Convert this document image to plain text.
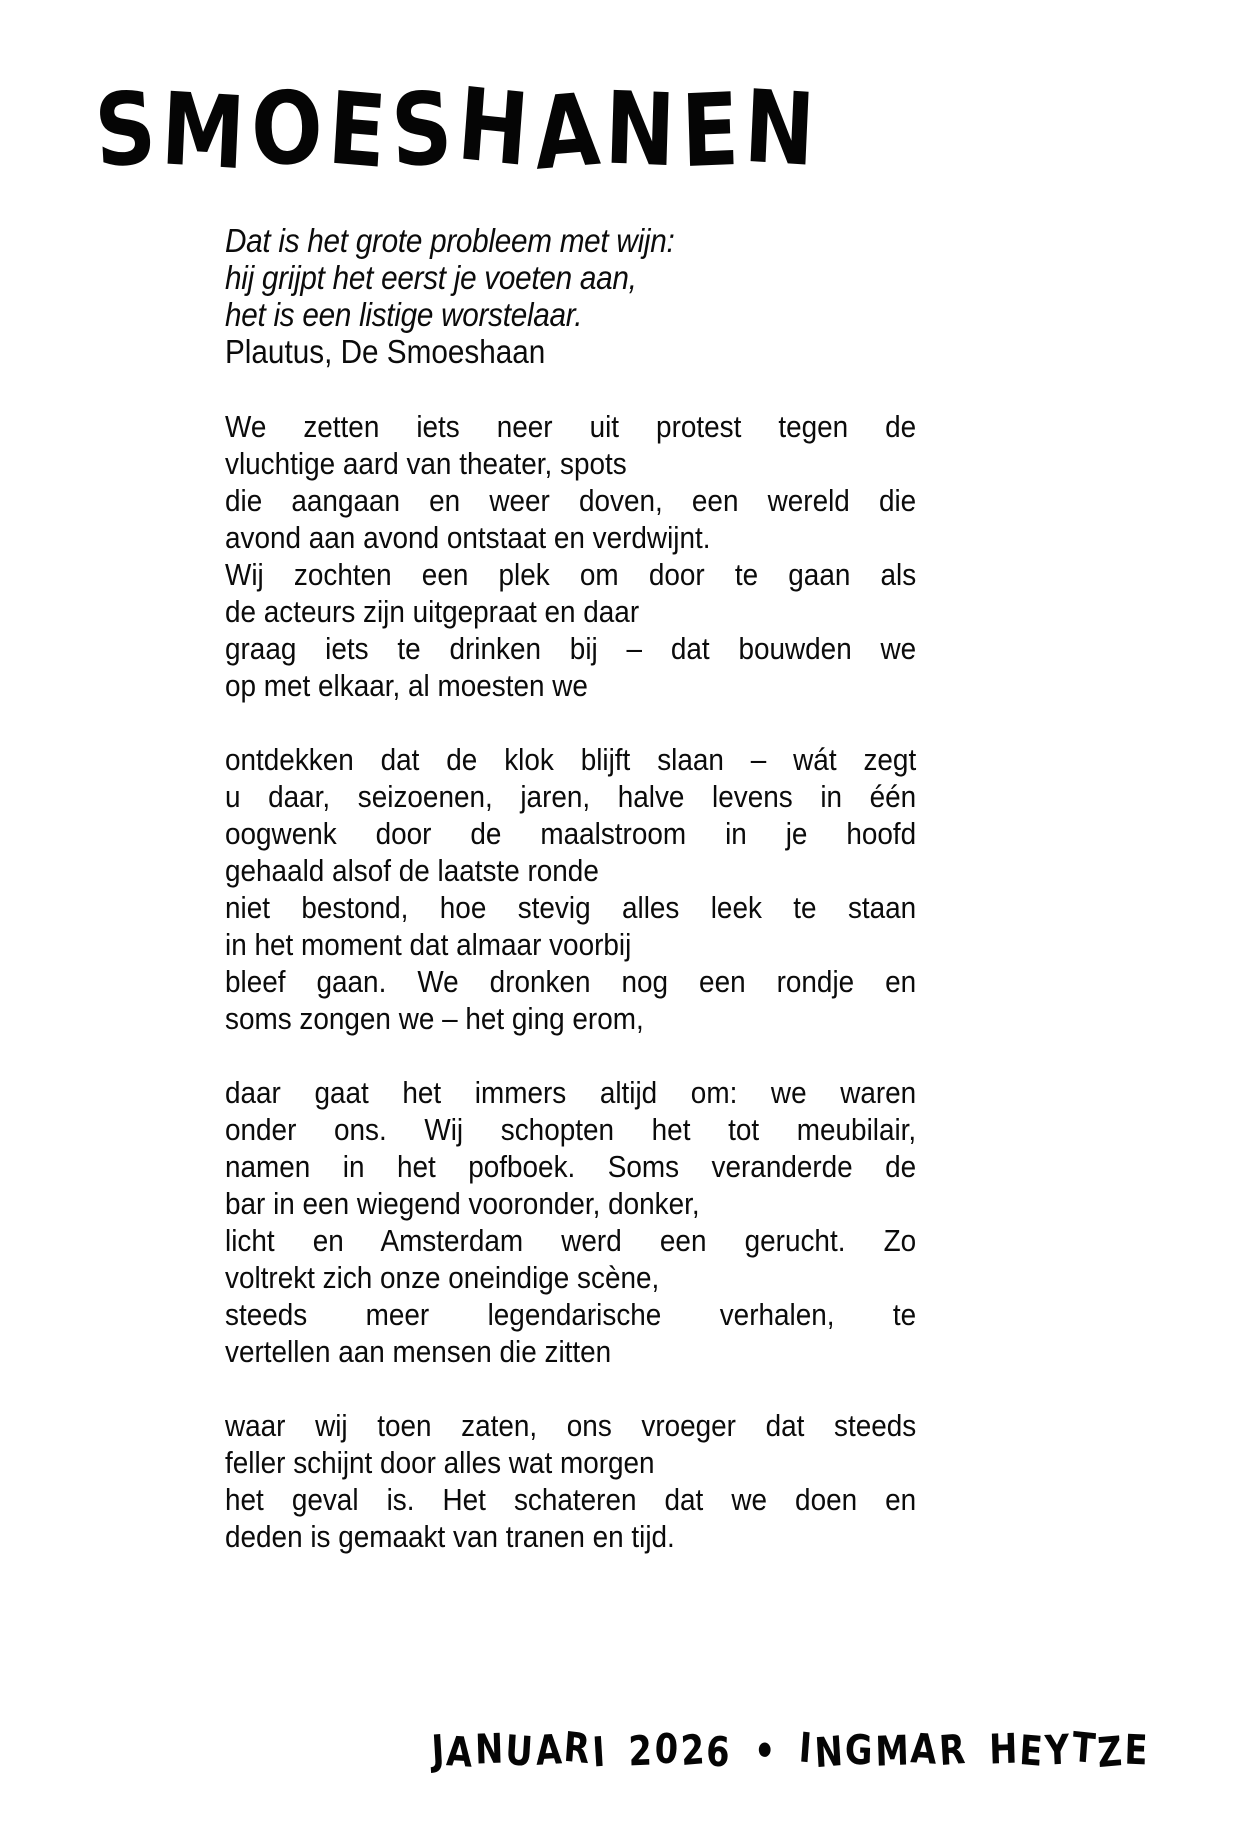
SMOESHANEN
Dat is het grote probleem met wijn:
hij grijpt het eerst je voeten aan,
het is een listige worstelaar.
Plautus, De Smoeshaan
We zetten iets neer uit protest tegen de
vluchtige aard van theater, spots
die aangaan en weer doven, een wereld die
avond aan avond ontstaat en verdwijnt.
Wij zochten een plek om door te gaan als
de acteurs zijn uitgepraat en daar
graag iets te drinken bij – dat bouwden we
op met elkaar, al moesten we
ontdekken dat de klok blijft slaan – wát zegt
u daar, seizoenen, jaren, halve levens in één
oogwenk door de maalstroom in je hoofd
gehaald alsof de laatste ronde
niet bestond, hoe stevig alles leek te staan
in het moment dat almaar voorbij
bleef gaan. We dronken nog een rondje en
soms zongen we – het ging erom,
daar gaat het immers altijd om: we waren
onder ons. Wij schopten het tot meubilair,
namen in het pofboek. Soms veranderde de
bar in een wiegend vooronder, donker,
licht en Amsterdam werd een gerucht. Zo
voltrekt zich onze oneindige scène,
steeds meer legendarische verhalen, te
vertellen aan mensen die zitten
waar wij toen zaten, ons vroeger dat steeds
feller schijnt door alles wat morgen
het geval is. Het schateren dat we doen en
deden is gemaakt van tranen en tijd.
JANUARI 2026 • INGMAR HEYTZE
